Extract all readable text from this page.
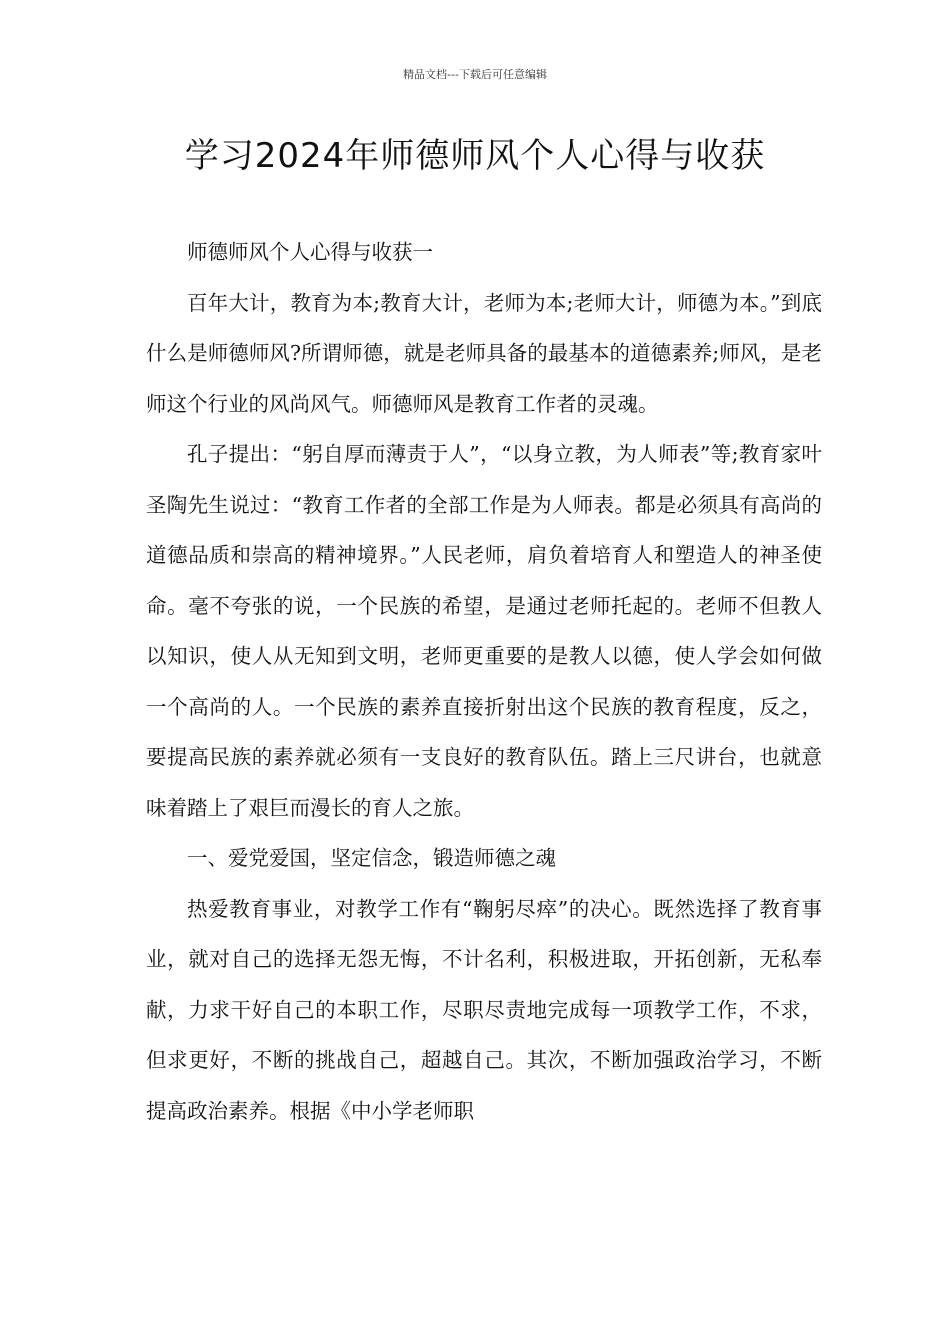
精品文档---下载后可任意编辑
学习2024年师德师风个人心得与收获

师德师风个人心得与收获一

百年大计，教育为本;教育大计，老师为本;老师大计，师德为本。”到底什么是师德师风?所谓师德，就是老师具备的最基本的道德素养;师风，是老师这个行业的风尚风气。师德师风是教育工作者的灵魂。

孔子提出：“躬自厚而薄责于人”，“以身立教，为人师表”等;教育家叶圣陶先生说过：“教育工作者的全部工作是为人师表。都是必须具有高尚的道德品质和崇高的精神境界。”人民老师，肩负着培育人和塑造人的神圣使命。毫不夸张的说，一个民族的希望，是通过老师托起的。老师不但教人以知识，使人从无知到文明，老师更重要的是教人以德，使人学会如何做一个高尚的人。一个民族的素养直接折射出这个民族的教育程度，反之，要提高民族的素养就必须有一支良好的教育队伍。踏上三尺讲台，也就意味着踏上了艰巨而漫长的育人之旅。

一、爱党爱国，坚定信念，锻造师德之魂

热爱教育事业，对教学工作有“鞠躬尽瘁”的决心。既然选择了教育事业，就对自己的选择无怨无悔，不计名利，积极进取，开拓创新，无私奉献，力求干好自己的本职工作，尽职尽责地完成每一项教学工作，不求，但求更好，不断的挑战自己，超越自己。其次，不断加强政治学习，不断提高政治素养。根据《中小学老师职
